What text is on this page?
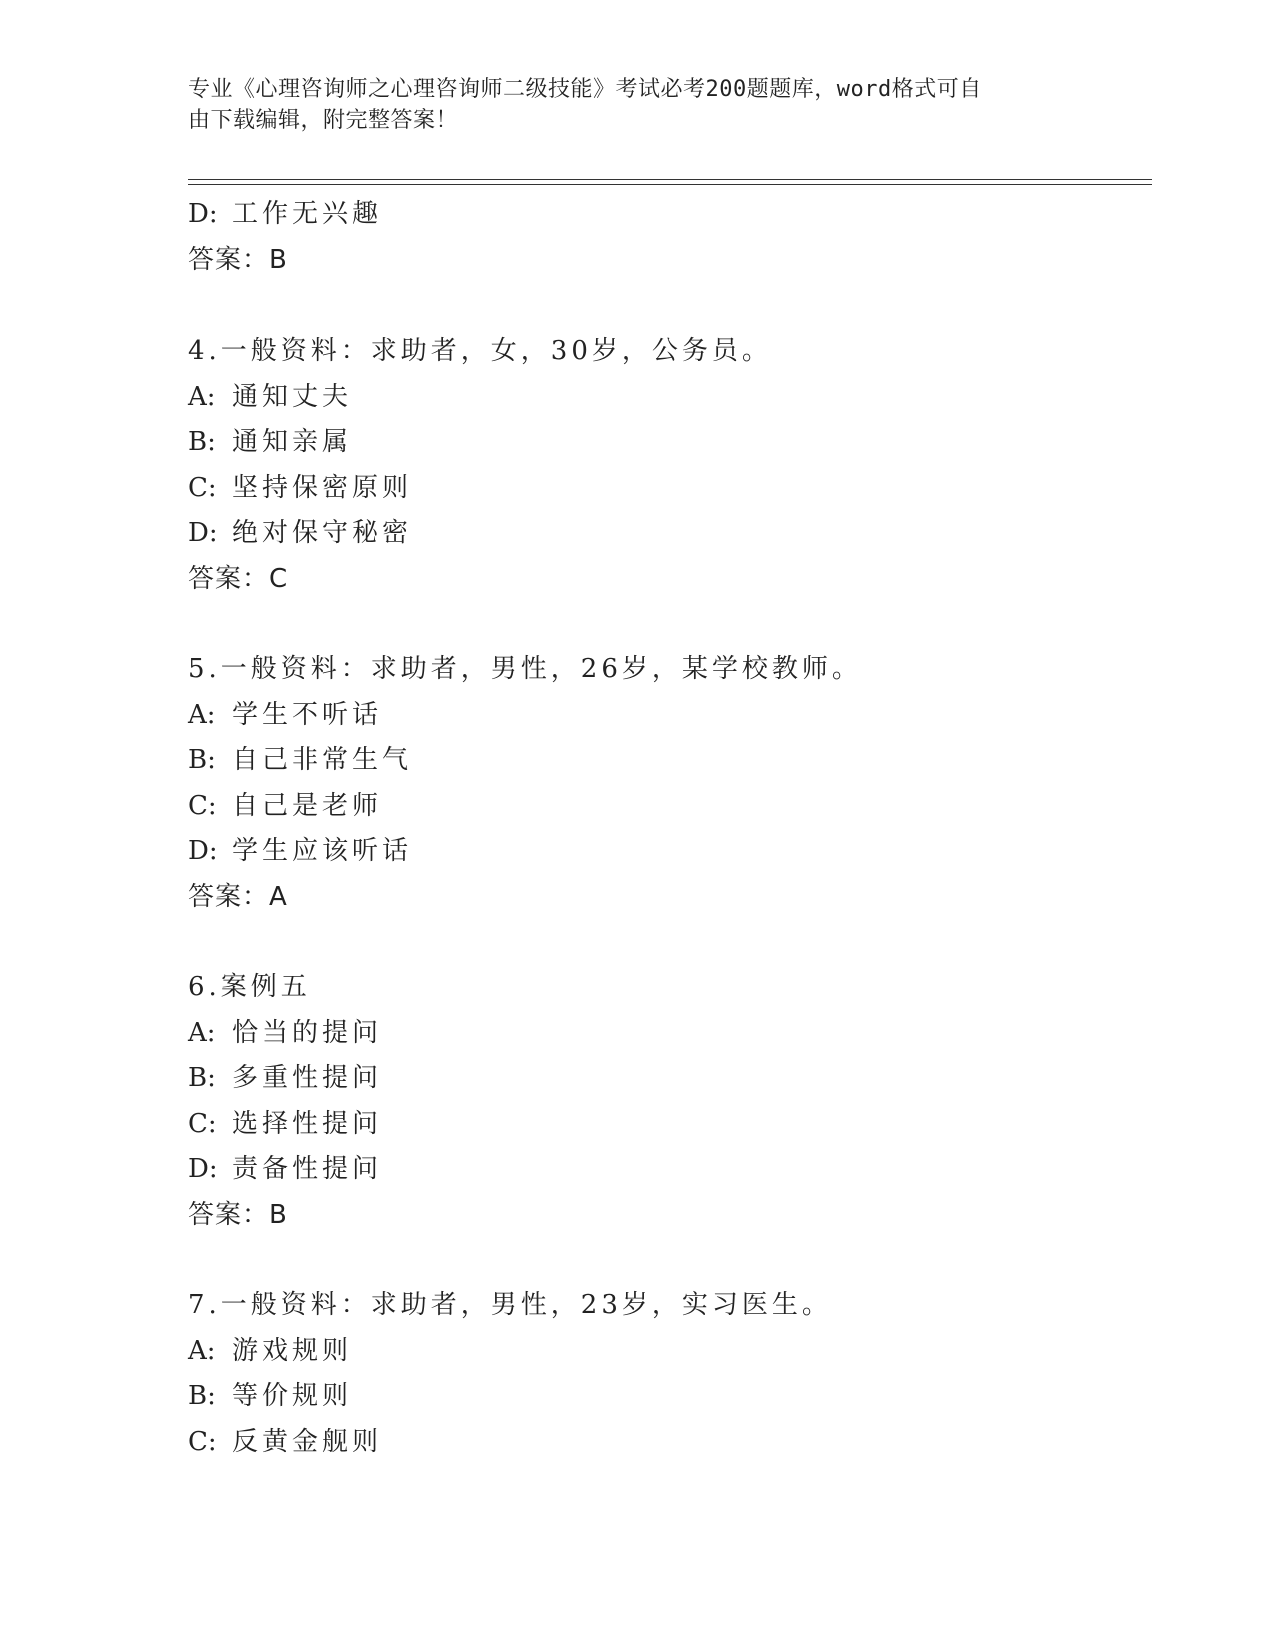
专业《心理咨询师之心理咨询师二级技能》考试必考200题题库，word格式可自
由下载编辑，附完整答案！
D: 工作无兴趣
答案：B
4.一般资料：求助者，女，30岁，公务员。
A: 通知丈夫
B: 通知亲属
C: 坚持保密原则
D: 绝对保守秘密
答案：C
5.一般资料：求助者，男性，26岁，某学校教师。
A: 学生不听话
B: 自己非常生气
C: 自己是老师
D: 学生应该听话
答案：A
6.案例五
A: 恰当的提问
B: 多重性提问
C: 选择性提问
D: 责备性提问
答案：B
7.一般资料：求助者，男性，23岁，实习医生。
A: 游戏规则
B: 等价规则
C: 反黄金舰则
